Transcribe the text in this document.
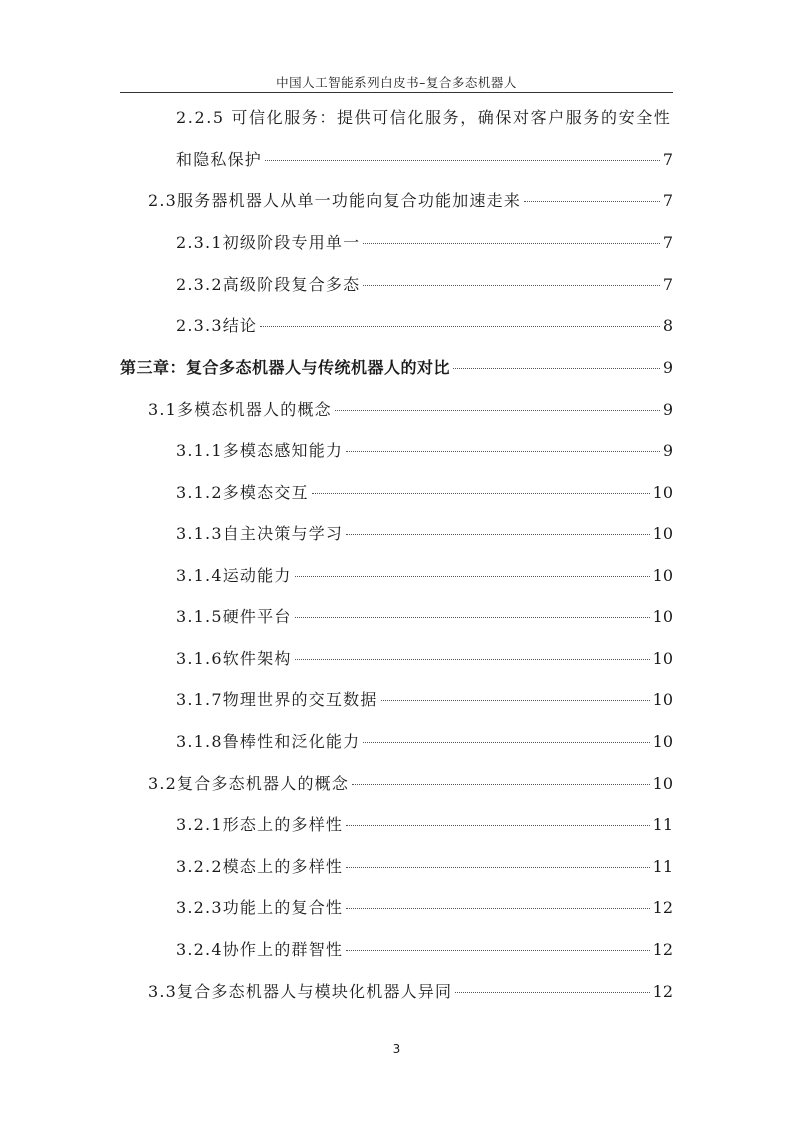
中国人工智能系列白皮书–复合多态机器人
2.2.5 可信化服务：提供可信化服务，确保对客户服务的安全性
和隐私保护	7
2.3 服务器机器人从单一功能向复合功能加速走来	7
2.3.1 初级阶段专用单一	7
2.3.2 高级阶段复合多态	7
2.3.3 结论	8
第三章： 复合多态机器人与传统机器人的对比	9
3.1 多模态机器人的概念	9
3.1.1 多模态感知能力	9
3.1.2 多模态交互	10
3.1.3 自主决策与学习	10
3.1.4 运动能力	10
3.1.5 硬件平台	10
3.1.6 软件架构	10
3.1.7 物理世界的交互数据	10
3.1.8 鲁棒性和泛化能力	10
3.2 复合多态机器人的概念	10
3.2.1 形态上的多样性	11
3.2.2 模态上的多样性	11
3.2.3 功能上的复合性	12
3.2.4 协作上的群智性	12
3.3 复合多态机器人与模块化机器人异同	12
3
